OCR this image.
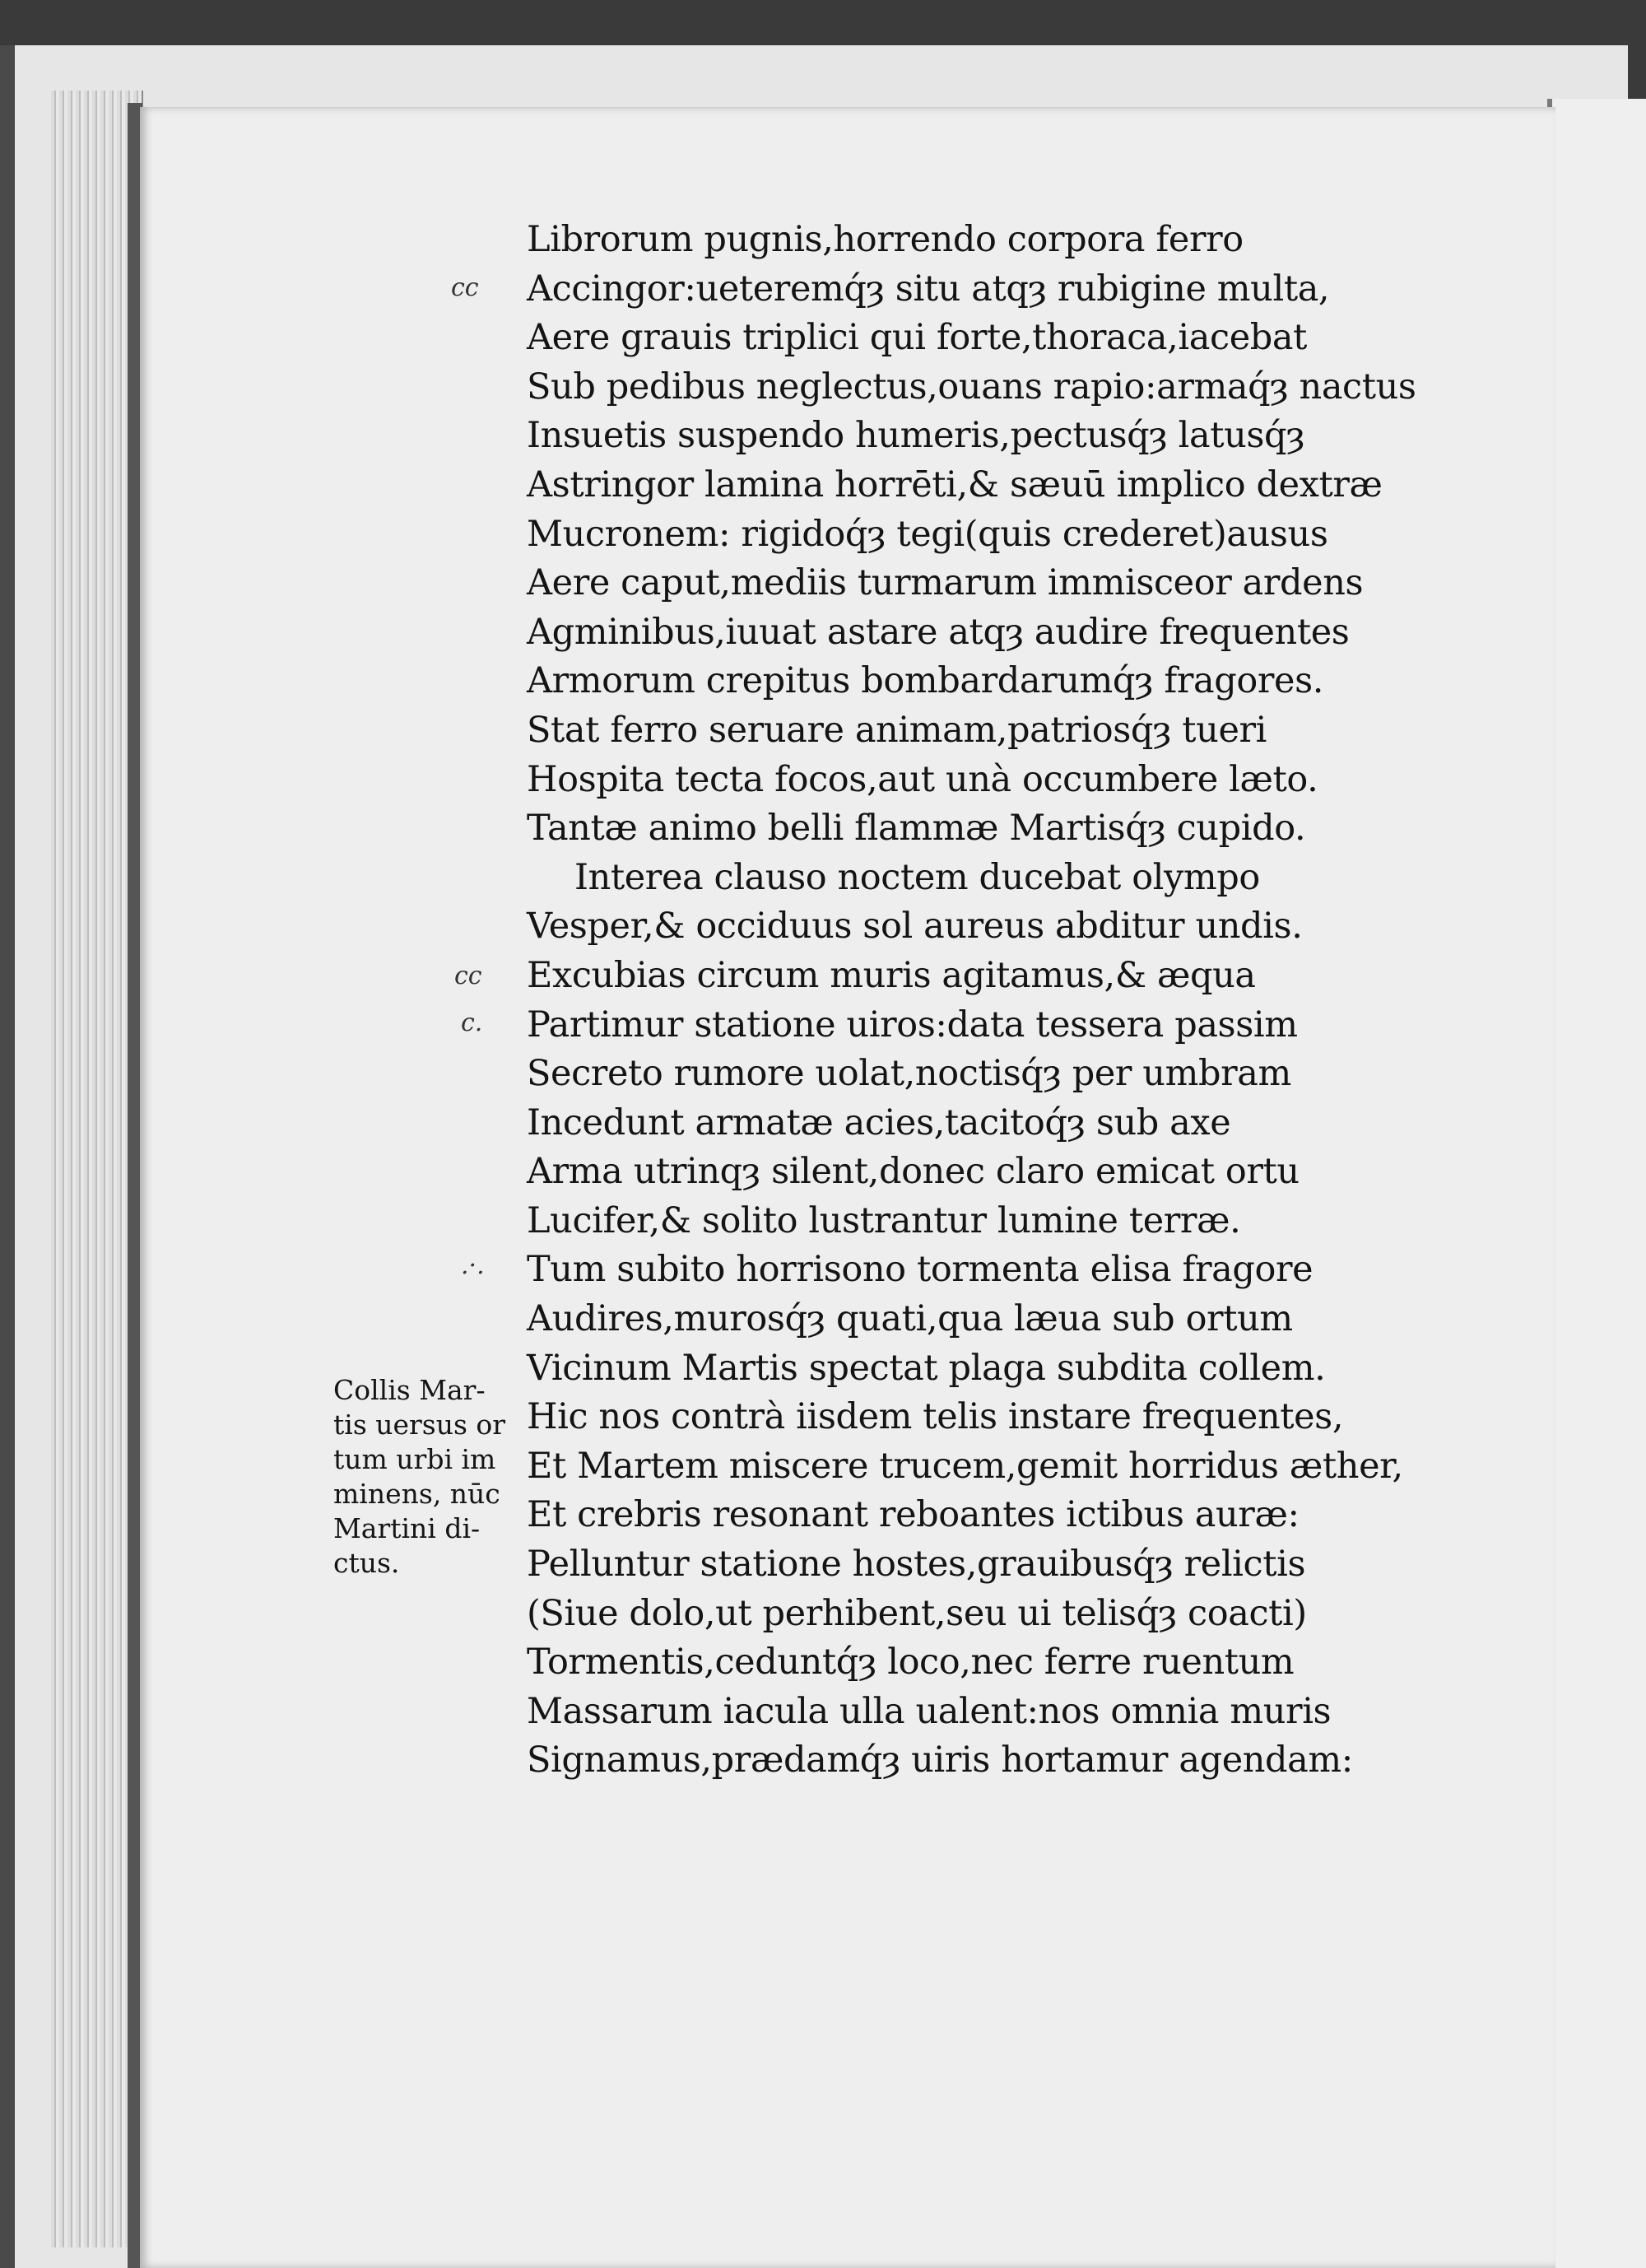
cc
cc
c.
.·.
Librorum pugnis,horrendo corpora ferro
Accingor:ueteremq́ȝ situ atqȝ rubigine multa,
Aere grauis triplici qui forte,thoraca,iacebat
Sub pedibus neglectus,ouans rapio:armaq́ȝ nactus
Insuetis suspendo humeris,pectusq́ȝ latusq́ȝ
Astringor lamina horrēti,& sæuū implico dextræ
Mucronem: rigidoq́ȝ tegi(quis crederet)ausus
Aere caput,mediis turmarum immisceor ardens
Agminibus,iuuat astare atqȝ audire frequentes
Armorum crepitus bombardarumq́ȝ fragores.
Stat ferro seruare animam,patriosq́ȝ tueri
Hospita tecta focos,aut unà occumbere læto.
Tantæ animo belli flammæ Martisq́ȝ cupido.
Interea clauso noctem ducebat olympo
Vesper,& occiduus sol aureus abditur undis.
Excubias circum muris agitamus,& æqua
Partimur statione uiros:data tessera passim
Secreto rumore uolat,noctisq́ȝ per umbram
Incedunt armatæ acies,tacitoq́ȝ sub axe
Arma utrinqȝ silent,donec claro emicat ortu
Lucifer,& solito lustrantur lumine terræ.
Tum subito horrisono tormenta elisa fragore
Audires,murosq́ȝ quati,qua læua sub ortum
Vicinum Martis spectat plaga subdita collem.
Hic nos contrà iisdem telis instare frequentes,
Et Martem miscere trucem,gemit horridus æther,
Et crebris resonant reboantes ictibus auræ:
Pelluntur statione hostes,grauibusq́ȝ relictis
(Siue dolo,ut perhibent,seu ui telisq́ȝ coacti)
Tormentis,ceduntq́ȝ loco,nec ferre ruentum
Massarum iacula ulla ualent:nos omnia muris
Signamus,prædamq́ȝ uiris hortamur agendam:
Collis Mar-
tis uersus or
tum urbi im
minens, nūc
Martini di-
ctus.
